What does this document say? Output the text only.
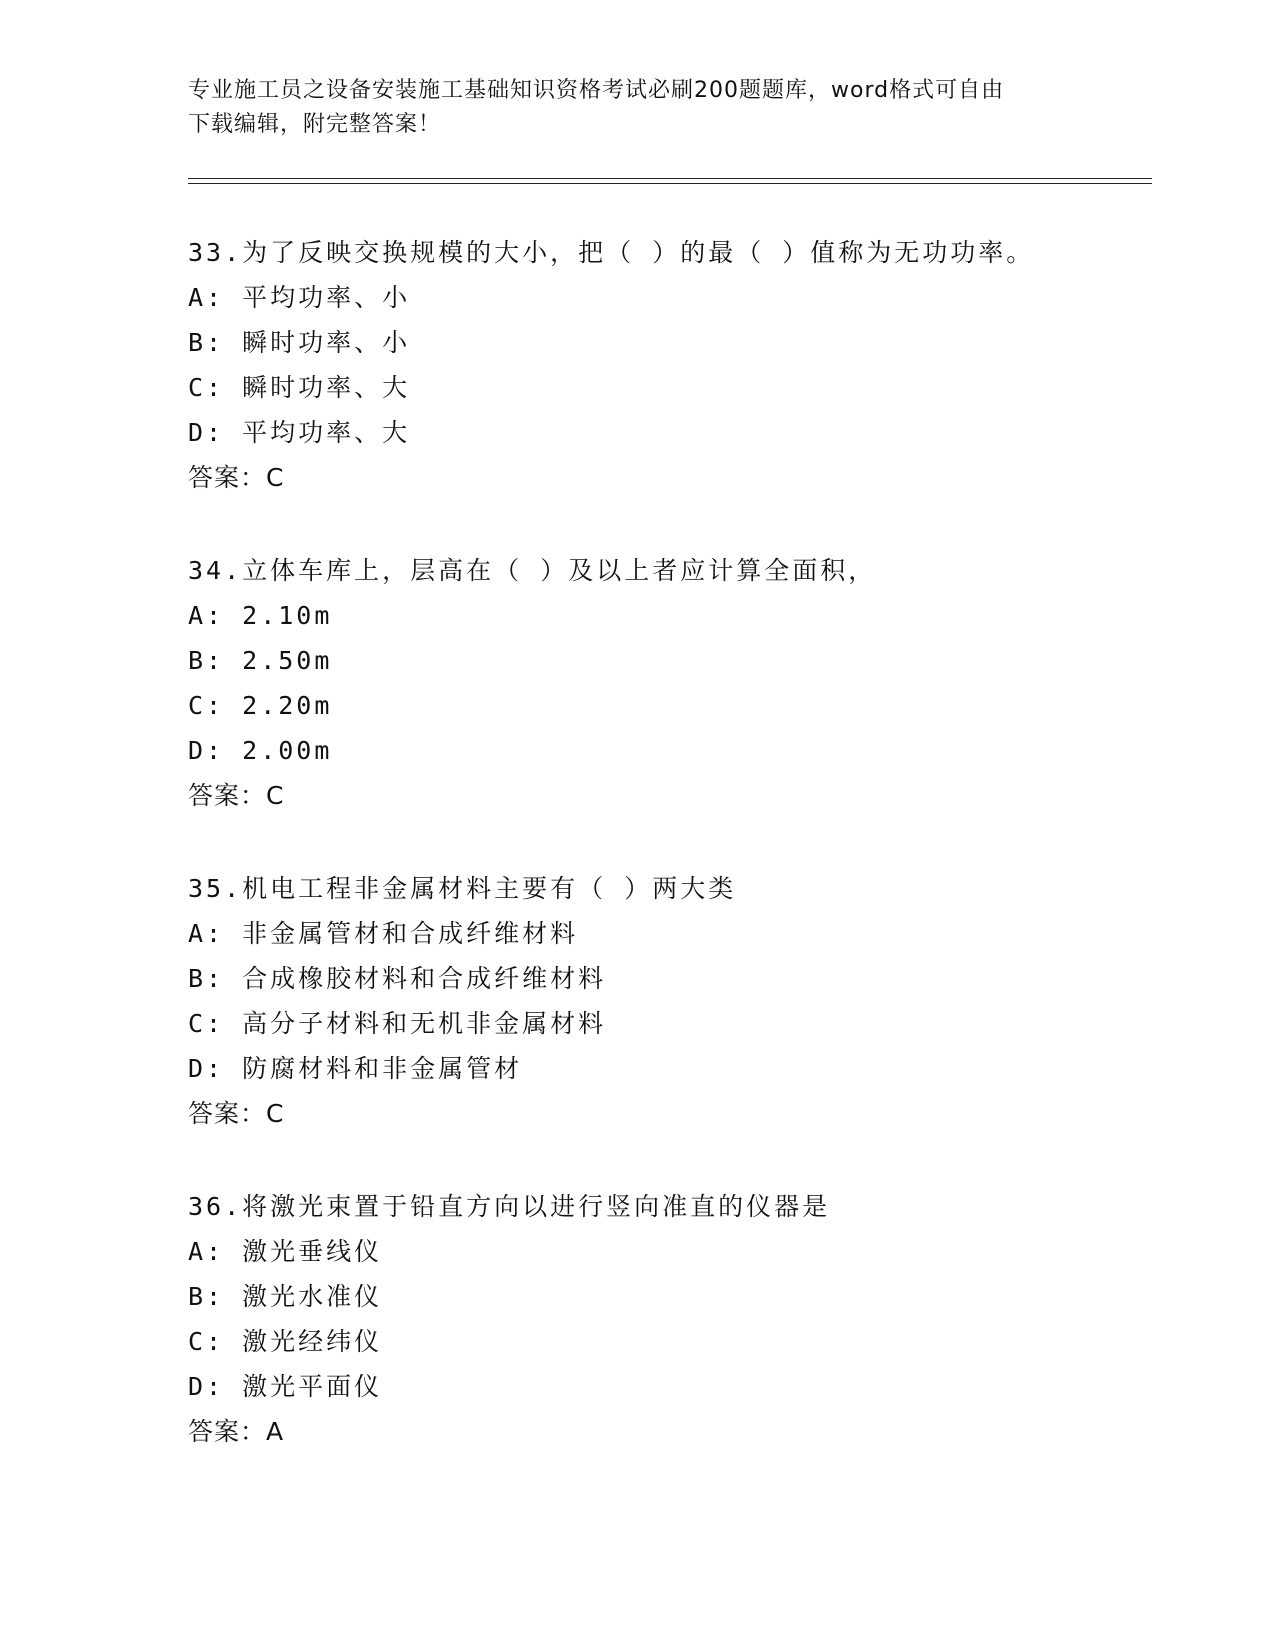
专业施工员之设备安装施工基础知识资格考试必刷200题题库，word格式可自由
下载编辑，附完整答案！
33.为了反映交换规模的大小，把（ ）的最（ ）值称为无功功率。
A: 平均功率、小
B: 瞬时功率、小
C: 瞬时功率、大
D: 平均功率、大
答案：C
34.立体车库上，层高在（ ）及以上者应计算全面积，
A: 2.10m
B: 2.50m
C: 2.20m
D: 2.00m
答案：C
35.机电工程非金属材料主要有（ ）两大类
A: 非金属管材和合成纤维材料
B: 合成橡胶材料和合成纤维材料
C: 高分子材料和无机非金属材料
D: 防腐材料和非金属管材
答案：C
36.将激光束置于铅直方向以进行竖向准直的仪器是
A: 激光垂线仪
B: 激光水准仪
C: 激光经纬仪
D: 激光平面仪
答案：A
